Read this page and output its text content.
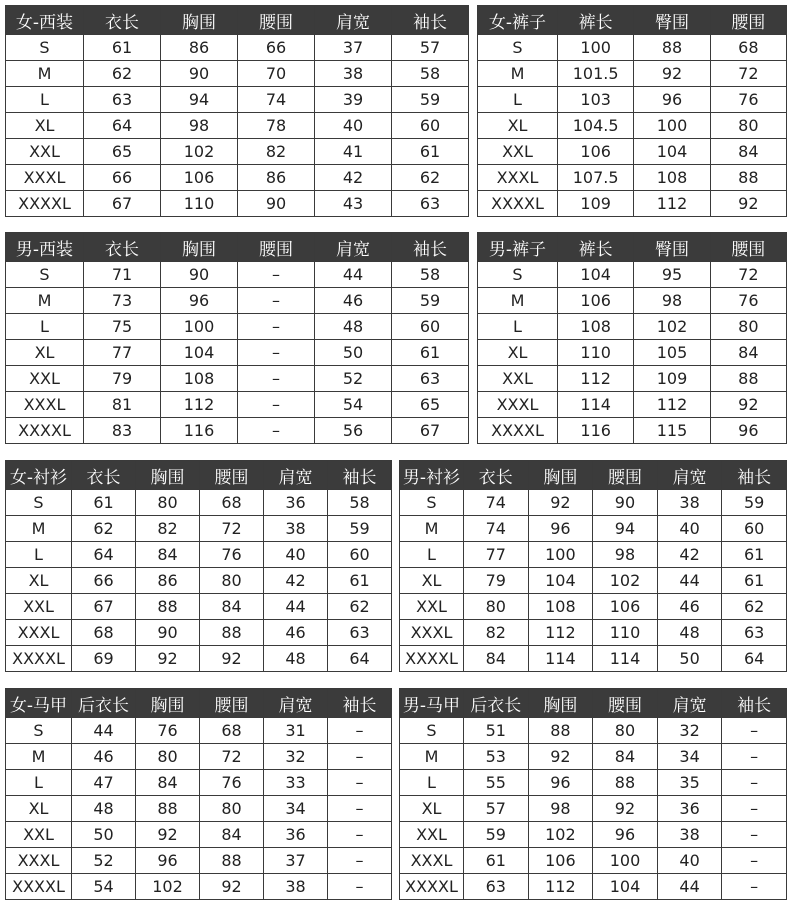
女-西装	衣长	胸围	腰围	肩宽	袖长
S	61	86	66	37	57
M	62	90	70	38	58
L	63	94	74	39	59
XL	64	98	78	40	60
XXL	65	102	82	41	61
XXXL	66	106	86	42	62
XXXXL	67	110	90	43	63
女-裤子	裤长	臀围	腰围
S	100	88	68
M	101.5	92	72
L	103	96	76
XL	104.5	100	80
XXL	106	104	84
XXXL	107.5	108	88
XXXXL	109	112	92
男-西装	衣长	胸围	腰围	肩宽	袖长
S	71	90	–	44	58
M	73	96	–	46	59
L	75	100	–	48	60
XL	77	104	–	50	61
XXL	79	108	–	52	63
XXXL	81	112	–	54	65
XXXXL	83	116	–	56	67
男-裤子	裤长	臀围	腰围
S	104	95	72
M	106	98	76
L	108	102	80
XL	110	105	84
XXL	112	109	88
XXXL	114	112	92
XXXXL	116	115	96
女-衬衫	衣长	胸围	腰围	肩宽	袖长
S	61	80	68	36	58
M	62	82	72	38	59
L	64	84	76	40	60
XL	66	86	80	42	61
XXL	67	88	84	44	62
XXXL	68	90	88	46	63
XXXXL	69	92	92	48	64
男-衬衫	衣长	胸围	腰围	肩宽	袖长
S	74	92	90	38	59
M	74	96	94	40	60
L	77	100	98	42	61
XL	79	104	102	44	61
XXL	80	108	106	46	62
XXXL	82	112	110	48	63
XXXXL	84	114	114	50	64
女-马甲	后衣长	胸围	腰围	肩宽	袖长
S	44	76	68	31	–
M	46	80	72	32	–
L	47	84	76	33	–
XL	48	88	80	34	–
XXL	50	92	84	36	–
XXXL	52	96	88	37	–
XXXXL	54	102	92	38	–
男-马甲	后衣长	胸围	腰围	肩宽	袖长
S	51	88	80	32	–
M	53	92	84	34	–
L	55	96	88	35	–
XL	57	98	92	36	–
XXL	59	102	96	38	–
XXXL	61	106	100	40	–
XXXXL	63	112	104	44	–
